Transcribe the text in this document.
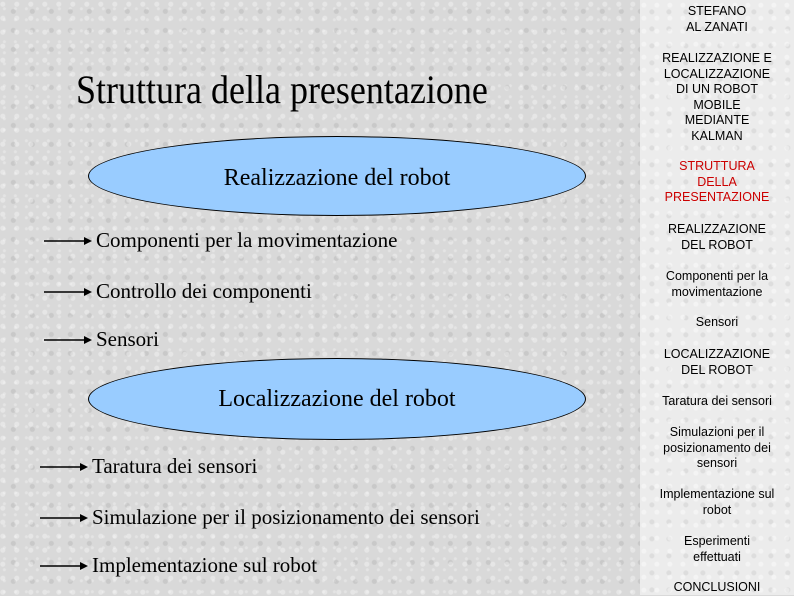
Struttura della presentazione
Realizzazione del robot
Componenti per la movimentazione
Controllo dei componenti
Sensori
Localizzazione del robot
Taratura dei sensori
Simulazione per il posizionamento dei sensori
Implementazione sul robot
STEFANO
AL ZANATI
REALIZZAZIONE E
LOCALIZZAZIONE
DI UN ROBOT
MOBILE
MEDIANTE
KALMAN
STRUTTURA
DELLA
PRESENTAZIONE
REALIZZAZIONE
DEL ROBOT
Componenti per la
movimentazione
Sensori
LOCALIZZAZIONE
DEL ROBOT
Taratura dei sensori
Simulazioni per il
posizionamento dei
sensori
Implementazione sul
robot
Esperimenti
effettuati
CONCLUSIONI
